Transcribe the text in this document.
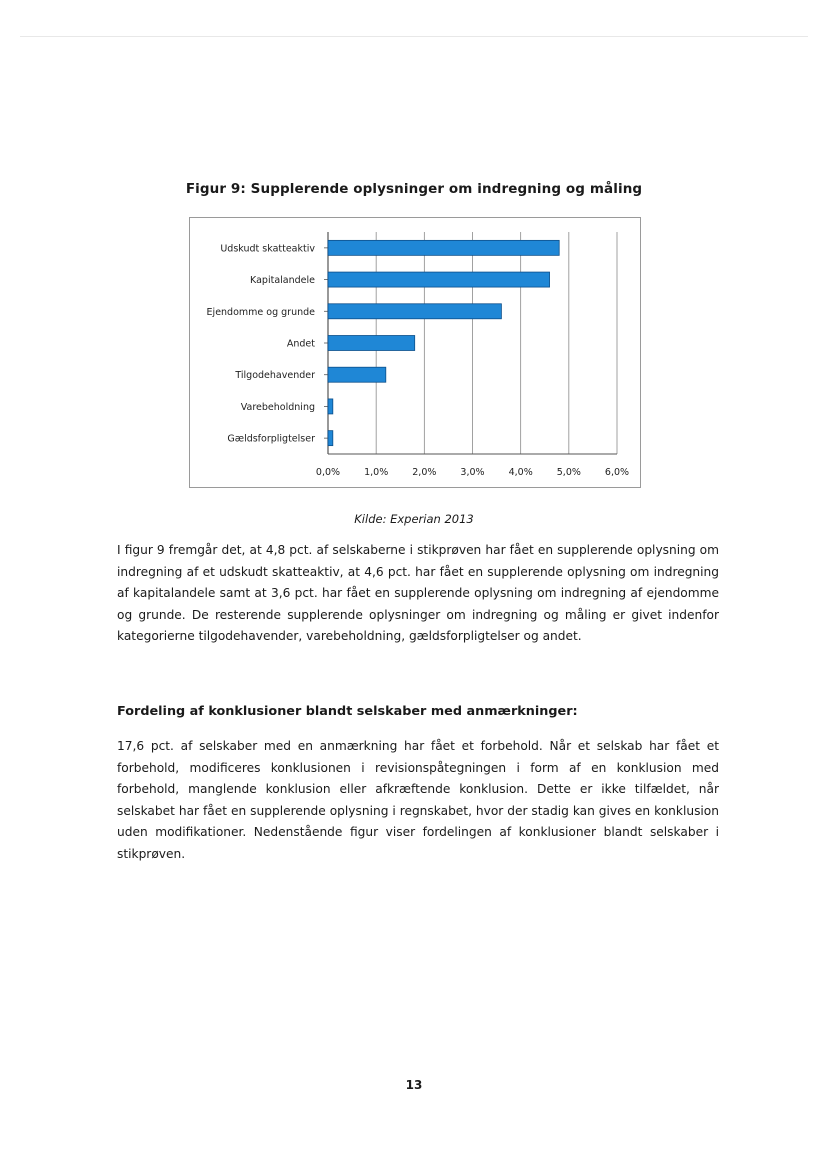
Figur 9: Supplerende oplysninger om indregning og måling
Udskudt skatteaktiv
Kapitalandele
Ejendomme og grunde
Andet
Tilgodehavender
Varebeholdning
Gældsforpligtelser
0,0%	1,0%	2,0%	3,0%	4,0%	5,0%	6,0%
Kilde: Experian 2013

I figur 9 fremgår det, at 4,8 pct. af selskaberne i stikprøven har fået en supplerende oplysning om indregning af et udskudt skatteaktiv, at 4,6 pct. har fået en supplerende oplysning om indregning af kapitalandele samt at 3,6 pct. har fået en supplerende oplysning om indregning af ejendomme og grunde. De resterende supplerende oplysninger om indregning og måling er givet indenfor kategorierne tilgodehavender, varebeholdning, gældsforpligtelser og andet.

Fordeling af konklusioner blandt selskaber med anmærkninger:

17,6 pct. af selskaber med en anmærkning har fået et forbehold. Når et selskab har fået et forbehold, modificeres konklusionen i revisionspåtegningen i form af en konklusion med forbehold, manglende konklusion eller afkræftende konklusion. Dette er ikke tilfældet, når selskabet har fået en supplerende oplysning i regnskabet, hvor der stadig kan gives en konklusion uden modifikationer. Nedenstående figur viser fordelingen af konklusioner blandt selskaber i stikprøven.

13
